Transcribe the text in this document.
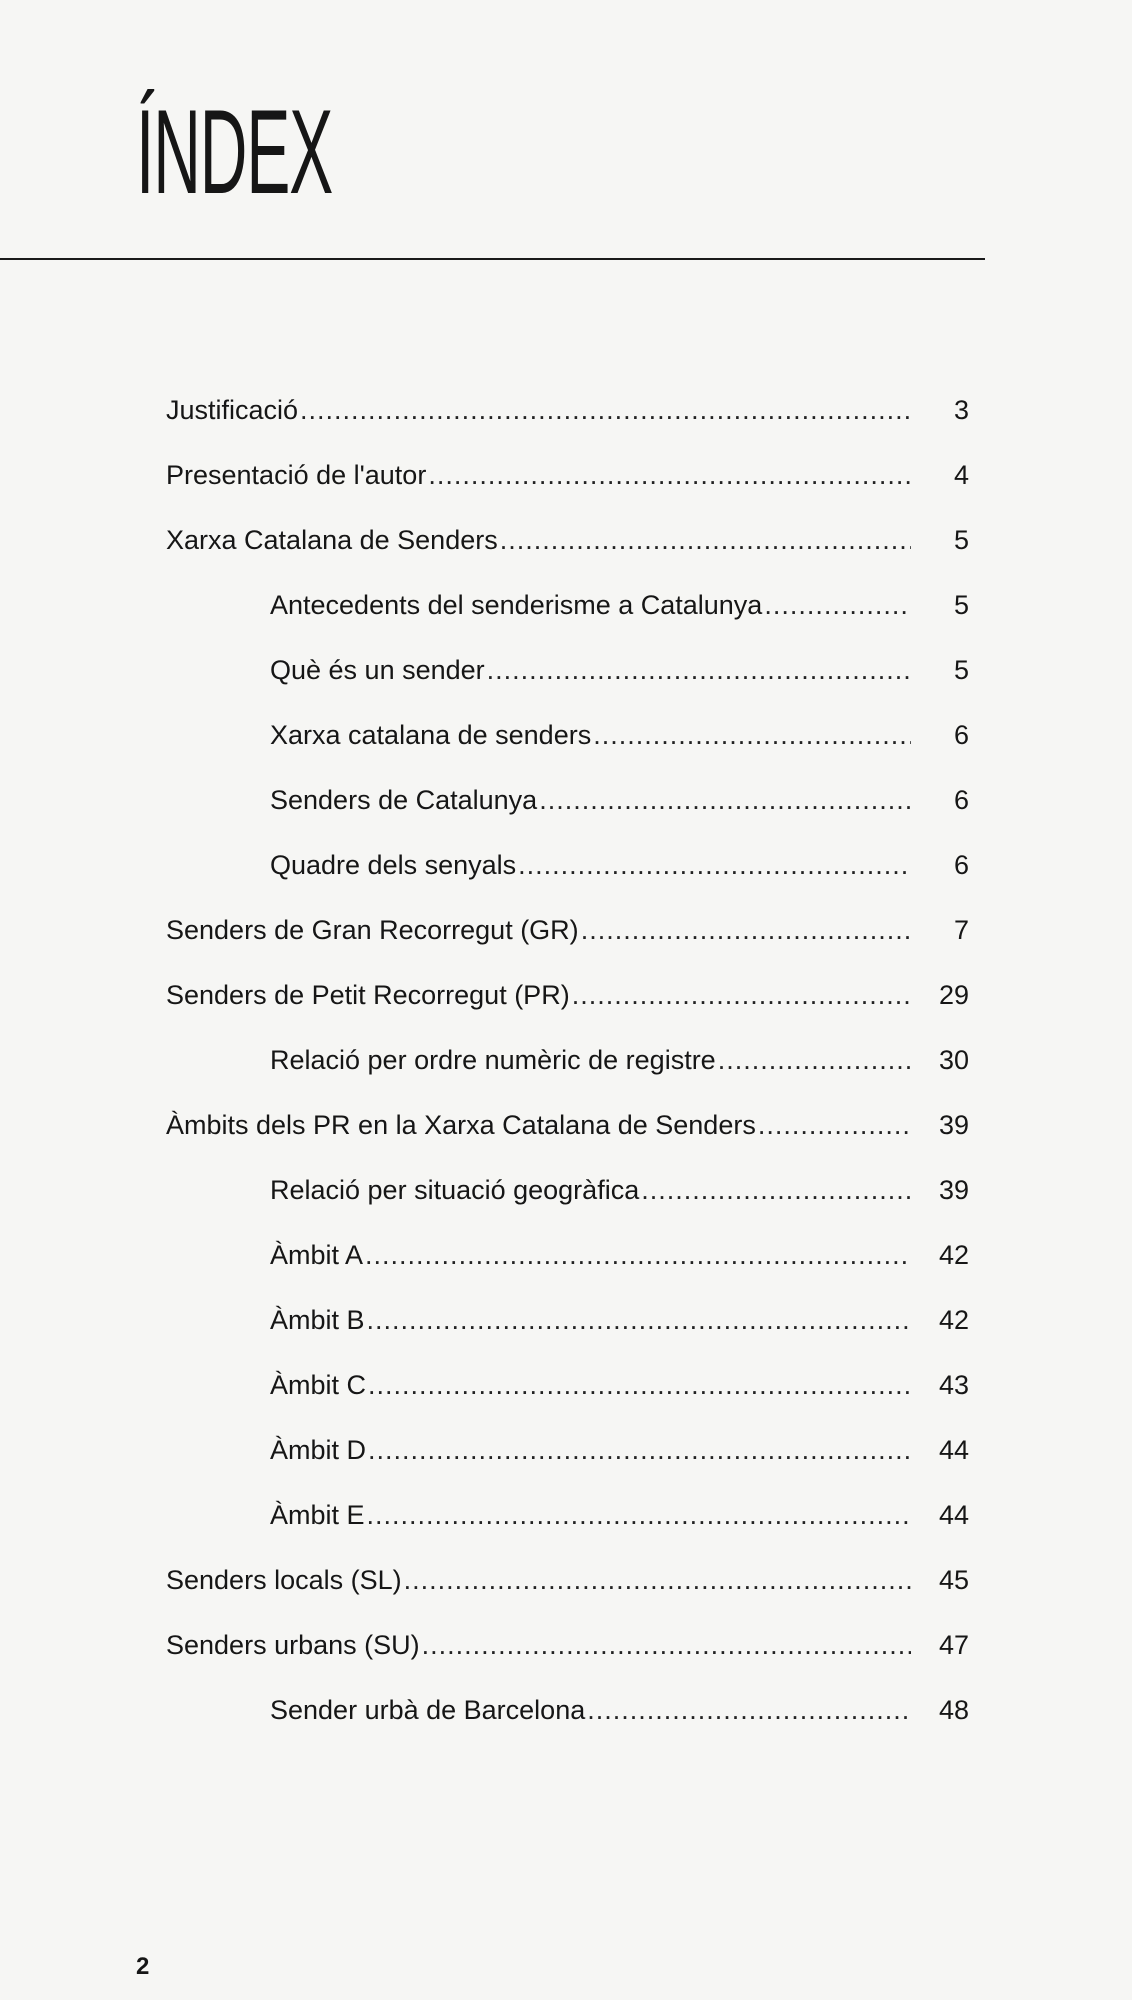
ÍNDEX
Justificació .....	3
Presentació de l'autor .....	4
Xarxa Catalana de Senders .....	5
Antecedents del senderisme a Catalunya .....	5
Què és un sender .....	5
Xarxa catalana de senders .....	6
Senders de Catalunya .....	6
Quadre dels senyals .....	6
Senders de Gran Recorregut (GR) .....	7
Senders de Petit Recorregut (PR) .....	29
Relació per ordre numèric de registre .....	30
Àmbits dels PR en la Xarxa Catalana de Senders .....	39
Relació per situació geogràfica .....	39
Àmbit A .....	42
Àmbit B .....	42
Àmbit C .....	43
Àmbit D .....	44
Àmbit E .....	44
Senders locals (SL) .....	45
Senders urbans (SU) .....	47
Sender urbà de Barcelona .....	48
2
